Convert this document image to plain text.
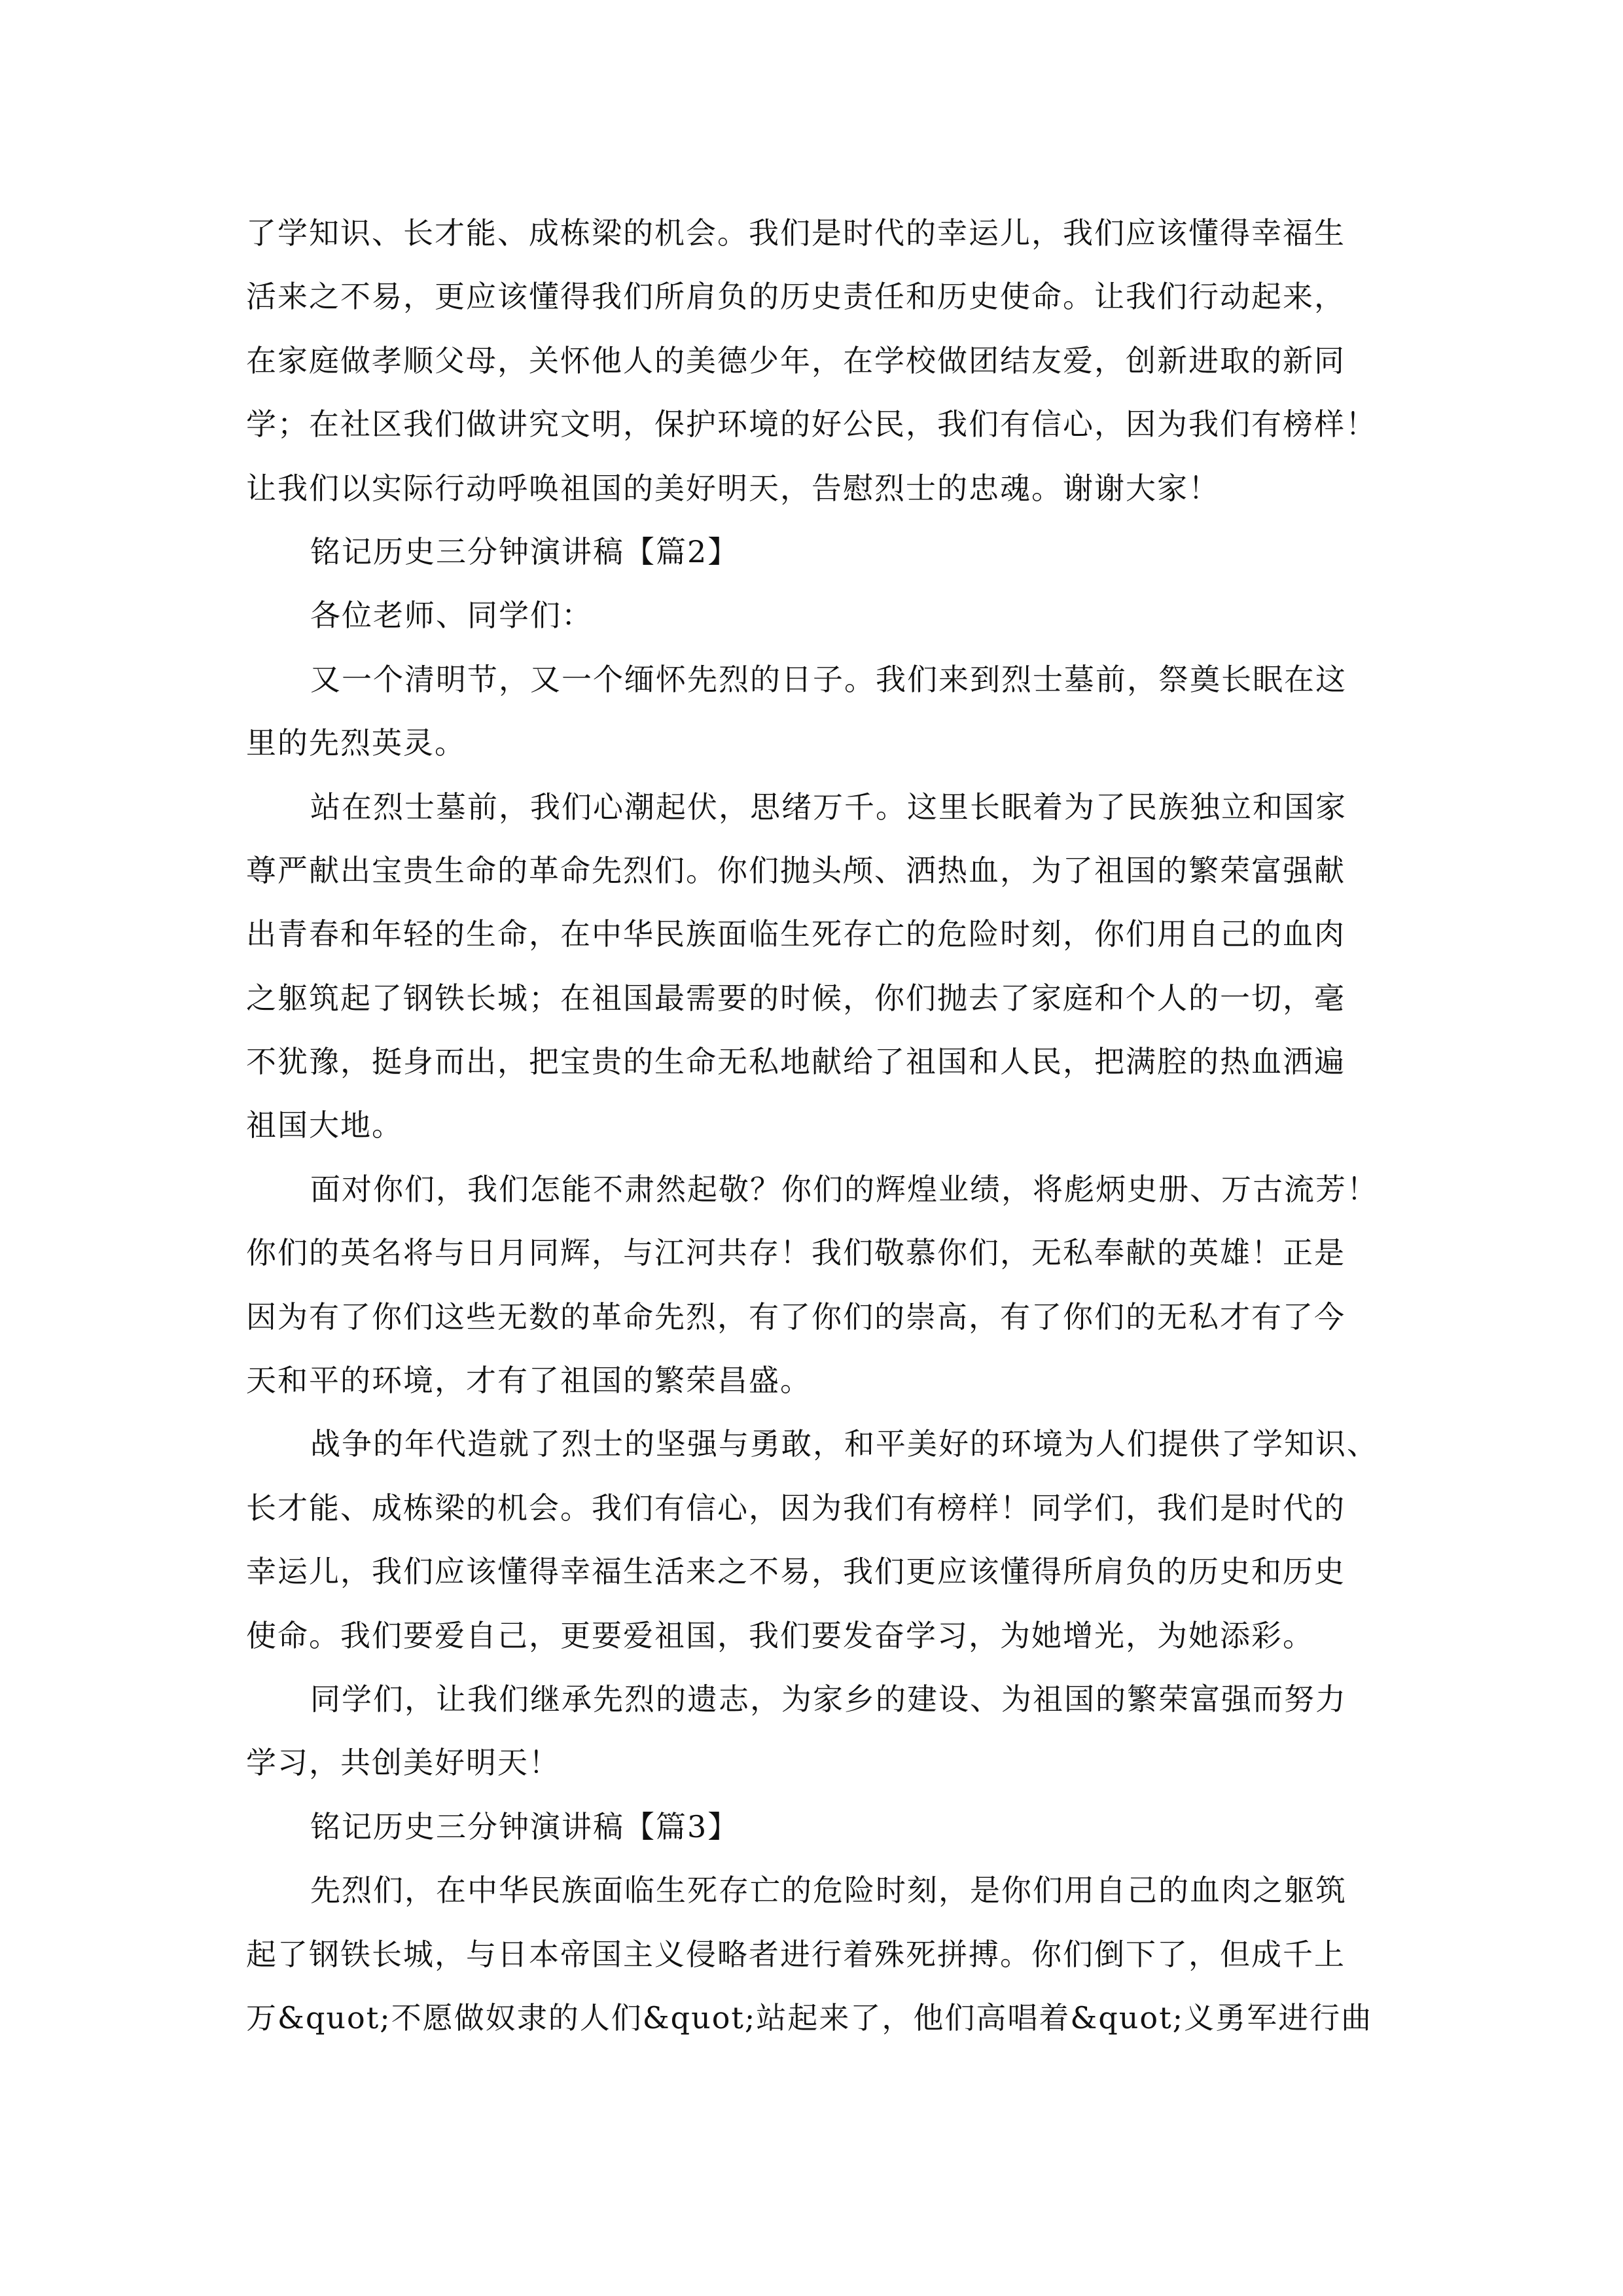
了学知识、长才能、成栋梁的机会。我们是时代的幸运儿，我们应该懂得幸福生
活来之不易，更应该懂得我们所肩负的历史责任和历史使命。让我们行动起来，
在家庭做孝顺父母，关怀他人的美德少年，在学校做团结友爱，创新进取的新同
学；在社区我们做讲究文明，保护环境的好公民，我们有信心，因为我们有榜样！
让我们以实际行动呼唤祖国的美好明天，告慰烈士的忠魂。谢谢大家！
铭记历史三分钟演讲稿【篇2】
各位老师、同学们：
又一个清明节，又一个缅怀先烈的日子。我们来到烈士墓前，祭奠长眠在这
里的先烈英灵。
站在烈士墓前，我们心潮起伏，思绪万千。这里长眠着为了民族独立和国家
尊严献出宝贵生命的革命先烈们。你们抛头颅、洒热血，为了祖国的繁荣富强献
出青春和年轻的生命，在中华民族面临生死存亡的危险时刻，你们用自己的血肉
之躯筑起了钢铁长城；在祖国最需要的时候，你们抛去了家庭和个人的一切，毫
不犹豫，挺身而出，把宝贵的生命无私地献给了祖国和人民，把满腔的热血洒遍
祖国大地。
面对你们，我们怎能不肃然起敬？你们的辉煌业绩，将彪炳史册、万古流芳！
你们的英名将与日月同辉，与江河共存！我们敬慕你们，无私奉献的英雄！正是
因为有了你们这些无数的革命先烈，有了你们的崇高，有了你们的无私才有了今
天和平的环境，才有了祖国的繁荣昌盛。
战争的年代造就了烈士的坚强与勇敢，和平美好的环境为人们提供了学知识、
长才能、成栋梁的机会。我们有信心，因为我们有榜样！同学们，我们是时代的
幸运儿，我们应该懂得幸福生活来之不易，我们更应该懂得所肩负的历史和历史
使命。我们要爱自己，更要爱祖国，我们要发奋学习，为她增光，为她添彩。
同学们，让我们继承先烈的遗志，为家乡的建设、为祖国的繁荣富强而努力
学习，共创美好明天！
铭记历史三分钟演讲稿【篇3】
先烈们，在中华民族面临生死存亡的危险时刻，是你们用自己的血肉之躯筑
起了钢铁长城，与日本帝国主义侵略者进行着殊死拼搏。你们倒下了，但成千上
万&quot;不愿做奴隶的人们&quot;站起来了，他们高唱着&quot;义勇军进行曲
